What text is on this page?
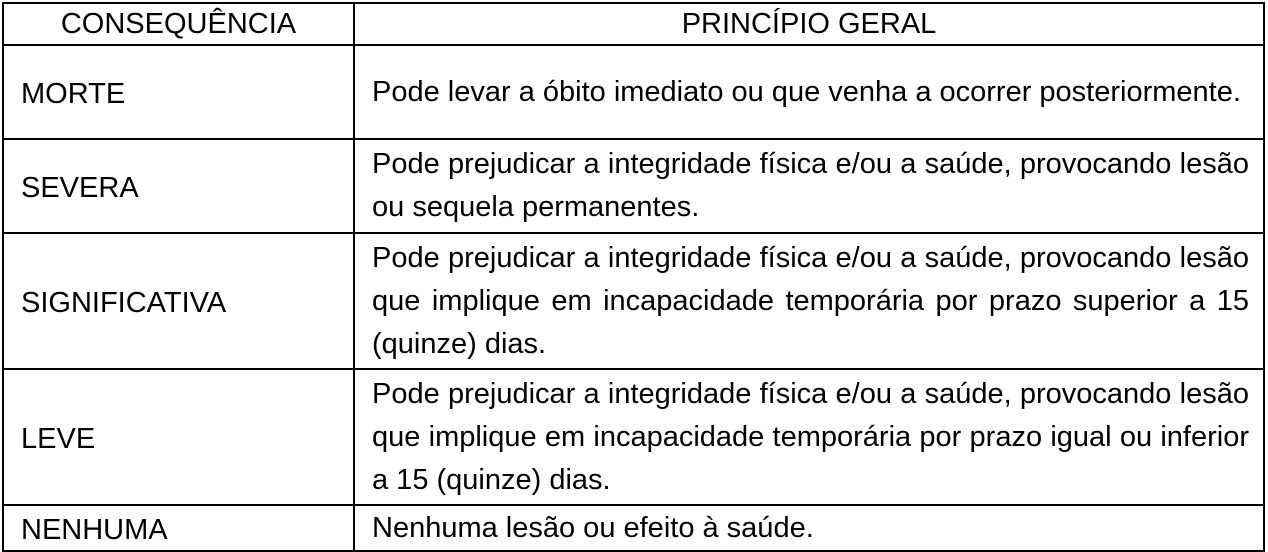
CONSEQUÊNCIA	PRINCÍPIO GERAL
MORTE	Pode levar a óbito imediato ou que venha a ocorrer posteriormente.
SEVERA	Pode prejudicar a integridade física e/ou a saúde, provocando lesão ou sequela permanentes.
SIGNIFICATIVA	Pode prejudicar a integridade física e/ou a saúde, provocando lesão que implique em incapacidade temporária por prazo superior a 15 (quinze) dias.
LEVE	Pode prejudicar a integridade física e/ou a saúde, provocando lesão que implique em incapacidade temporária por prazo igual ou inferior a 15 (quinze) dias.
NENHUMA	Nenhuma lesão ou efeito à saúde.
